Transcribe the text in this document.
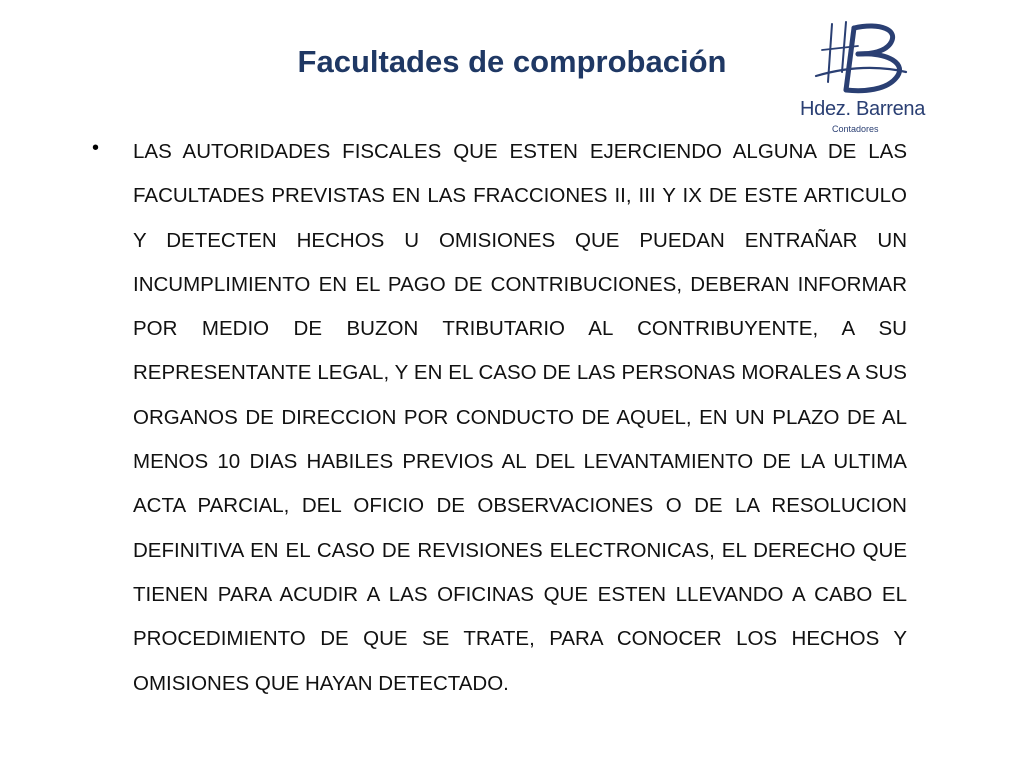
Facultades de comprobación
Hdez. Barrena
Contadores
• LAS AUTORIDADES FISCALES QUE ESTEN EJERCIENDO ALGUNA DE LAS FACULTADES PREVISTAS EN LAS FRACCIONES II, III Y IX DE ESTE ARTICULO Y DETECTEN HECHOS U OMISIONES QUE PUEDAN ENTRAÑAR UN INCUMPLIMIENTO EN EL PAGO DE CONTRIBUCIONES, DEBERAN INFORMAR POR MEDIO DE BUZON TRIBUTARIO AL CONTRIBUYENTE, A SU REPRESENTANTE LEGAL, Y EN EL CASO DE LAS PERSONAS MORALES A SUS ORGANOS DE DIRECCION POR CONDUCTO DE AQUEL, EN UN PLAZO DE AL MENOS 10 DIAS HABILES PREVIOS AL DEL LEVANTAMIENTO DE LA ULTIMA ACTA PARCIAL, DEL OFICIO DE OBSERVACIONES O DE LA RESOLUCION DEFINITIVA EN EL CASO DE REVISIONES ELECTRONICAS, EL DERECHO QUE TIENEN PARA ACUDIR A LAS OFICINAS QUE ESTEN LLEVANDO A CABO EL PROCEDIMIENTO DE QUE SE TRATE, PARA CONOCER LOS HECHOS Y OMISIONES QUE HAYAN DETECTADO.
